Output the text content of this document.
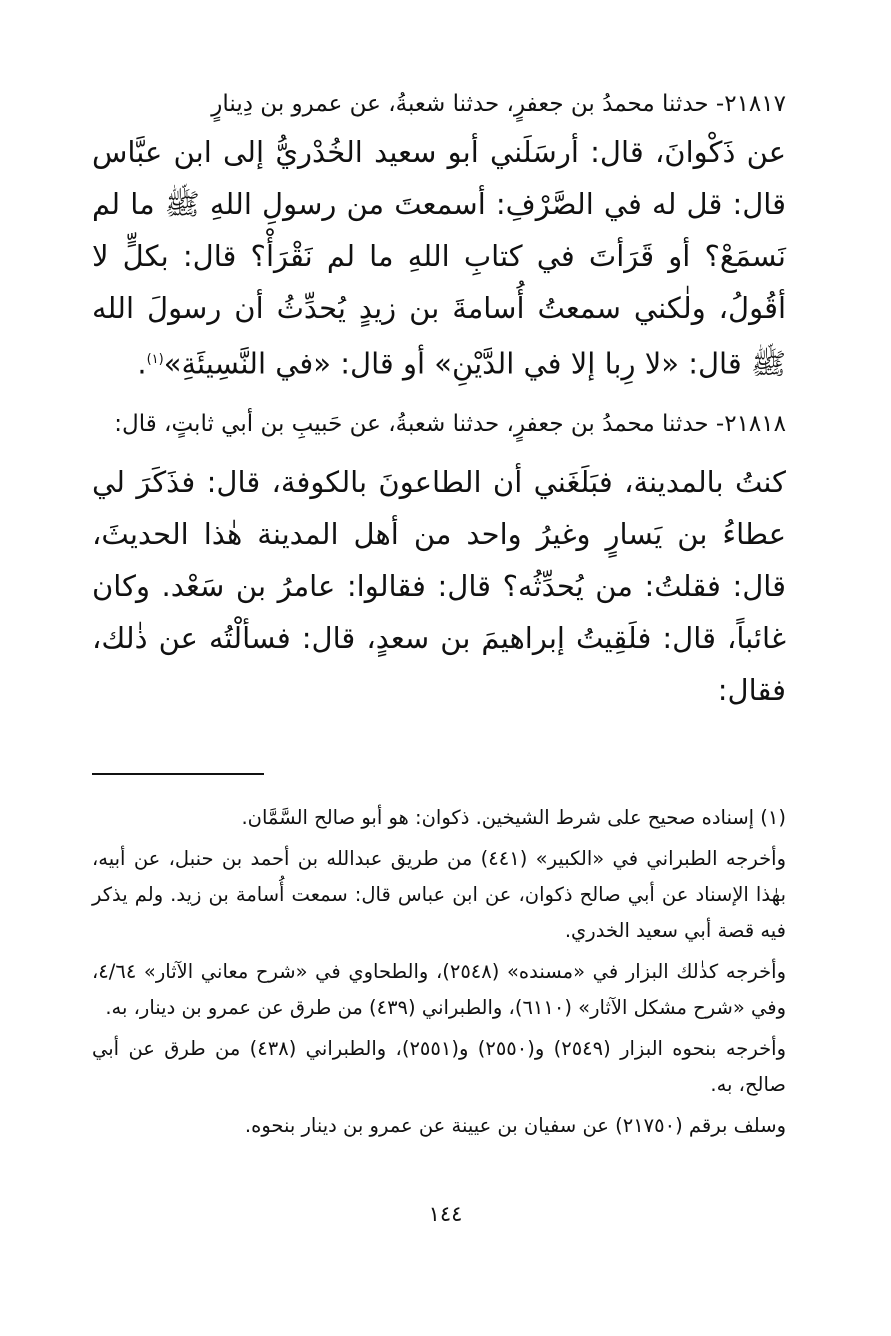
٢١٨١٧- حدثنا محمدُ بن جعفرٍ، حدثنا شعبةُ، عن عمرو بن دِينارٍ

عن ذَكْوانَ، قال: أرسَلَني أبو سعيد الخُدْريُّ إلى ابن عبَّاس قال: قل له في الصَّرْفِ: أسمعتَ من رسولِ اللهِ ﷺ ما لم نَسمَعْ؟ أو قَرَأتَ في كتابِ اللهِ ما لم نَقْرَأْ؟ قال: بكلٍّ لا أقُولُ، ولٰكني سمعتُ أُسامةَ بن زيدٍ يُحدِّثُ أن رسولَ الله ﷺ قال: «لا رِبا إلا في الدَّيْنِ» أو قال: «في النَّسِيئَةِ»$^{(١)}$.

٢١٨١٨- حدثنا محمدُ بن جعفرٍ، حدثنا شعبةُ، عن حَبيبِ بن أبي ثابتٍ، قال:

كنتُ بالمدينة، فبَلَغَني أن الطاعونَ بالكوفة، قال: فذَكَرَ لي عطاءُ بن يَسارٍ وغيرُ واحد من أهل المدينة هٰذا الحديثَ، قال: فقلتُ: من يُحدِّثُه؟ قال: فقالوا: عامرُ بن سَعْد. وكان غائباً، قال: فلَقِيتُ إبراهيمَ بن سعدٍ، قال: فسألْتُه عن ذٰلك، فقال:

(١) إسناده صحيح على شرط الشيخين. ذكوان: هو أبو صالح السَّمَّان.

وأخرجه الطبراني في «الكبير» (٤٤١) من طريق عبدالله بن أحمد بن حنبل، عن أبيه، بهٰذا الإسناد عن أبي صالح ذكوان، عن ابن عباس قال: سمعت أُسامة بن زيد. ولم يذكر فيه قصة أبي سعيد الخدري.

وأخرجه كذٰلك البزار في «مسنده» (٢٥٤٨)، والطحاوي في «شرح معاني الآثار» ٤/٦٤، وفي «شرح مشكل الآثار» (٦١١٠)، والطبراني (٤٣٩) من طرق عن عمرو بن دينار، به.

وأخرجه بنحوه البزار (٢٥٤٩) و(٢٥٥٠) و(٢٥٥١)، والطبراني (٤٣٨) من طرق عن أبي صالح، به.

وسلف برقم (٢١٧٥٠) عن سفيان بن عيينة عن عمرو بن دينار بنحوه.

١٤٤
